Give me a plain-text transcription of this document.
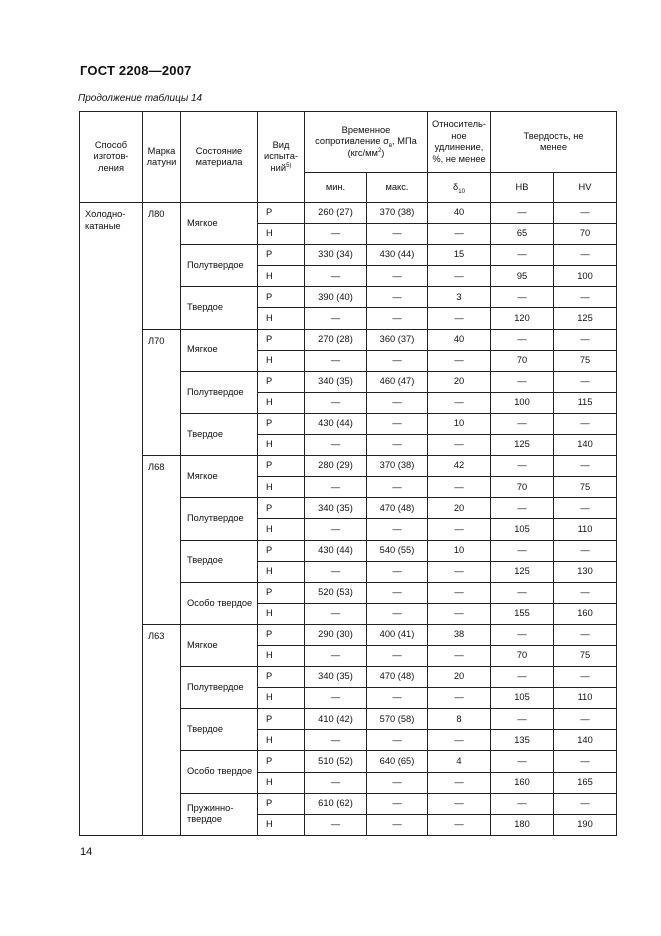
ГОСТ 2208—2007
Продолжение таблицы 14
Способ изготов-ления	Марка латуни	Состояние материала	Вид испыта-ний$^{5)}$	Временное сопротивление $\sigma_в$, МПа $(кгс/мм^2)$		Относитель-ное удлинение, %, не менее	Твердость, не менее	
				мин.	макс.	$\delta_{10}$	HB	HV
Холодно-катаные	Л80	Мягкое	Р	260 (27)	370 (38)	40	—	—
			Н	—	—	—	65	70
		Полутвердое	Р	330 (34)	430 (44)	15	—	—
			Н	—	—	—	95	100
		Твердое	Р	390 (40)	—	3	—	—
			Н	—	—	—	120	125
	Л70	Мягкое	Р	270 (28)	360 (37)	40	—	—
			Н	—	—	—	70	75
		Полутвердое	Р	340 (35)	460 (47)	20	—	—
			Н	—	—	—	100	115
		Твердое	Р	430 (44)	—	10	—	—
			Н	—	—	—	125	140
	Л68	Мягкое	Р	280 (29)	370 (38)	42	—	—
			Н	—	—	—	70	75
		Полутвердое	Р	340 (35)	470 (48)	20	—	—
			Н	—	—	—	105	110
		Твердое	Р	430 (44)	540 (55)	10	—	—
			Н	—	—	—	125	130
		Особо твердое	Р	520 (53)	—	—	—	—
			Н	—	—	—	155	160
	Л63	Мягкое	Р	290 (30)	400 (41)	38	—	—
			Н	—	—	—	70	75
		Полутвердое	Р	340 (35)	470 (48)	20	—	—
			Н	—	—	—	105	110
		Твердое	Р	410 (42)	570 (58)	8	—	—
			Н	—	—	—	135	140
		Особо твердое	Р	510 (52)	640 (65)	4	—	—
			Н	—	—	—	160	165
		Пружинно-твердое	Р	610 (62)	—	—	—	—
			Н	—	—	—	180	190
14
